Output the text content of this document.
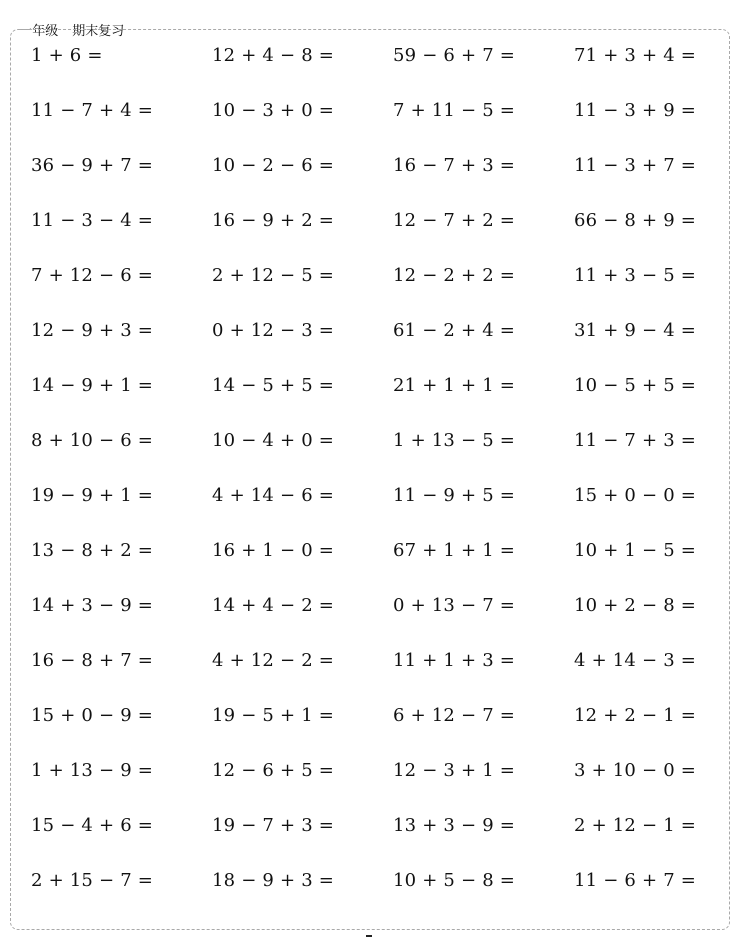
一年级 期末复习

1 + 6 =	12 + 4 − 8 =	59 − 6 + 7 =	71 + 3 + 4 =
11 − 7 + 4 =	10 − 3 + 0 =	7 + 11 − 5 =	11 − 3 + 9 =
36 − 9 + 7 =	10 − 2 − 6 =	16 − 7 + 3 =	11 − 3 + 7 =
11 − 3 − 4 =	16 − 9 + 2 =	12 − 7 + 2 =	66 − 8 + 9 =
7 + 12 − 6 =	2 + 12 − 5 =	12 − 2 + 2 =	11 + 3 − 5 =
12 − 9 + 3 =	0 + 12 − 3 =	61 − 2 + 4 =	31 + 9 − 4 =
14 − 9 + 1 =	14 − 5 + 5 =	21 + 1 + 1 =	10 − 5 + 5 =
8 + 10 − 6 =	10 − 4 + 0 =	1 + 13 − 5 =	11 − 7 + 3 =
19 − 9 + 1 =	4 + 14 − 6 =	11 − 9 + 5 =	15 + 0 − 0 =
13 − 8 + 2 =	16 + 1 − 0 =	67 + 1 + 1 =	10 + 1 − 5 =
14 + 3 − 9 =	14 + 4 − 2 =	0 + 13 − 7 =	10 + 2 − 8 =
16 − 8 + 7 =	4 + 12 − 2 =	11 + 1 + 3 =	4 + 14 − 3 =
15 + 0 − 9 =	19 − 5 + 1 =	6 + 12 − 7 =	12 + 2 − 1 =
1 + 13 − 9 =	12 − 6 + 5 =	12 − 3 + 1 =	3 + 10 − 0 =
15 − 4 + 6 =	19 − 7 + 3 =	13 + 3 − 9 =	2 + 12 − 1 =
2 + 15 − 7 =	18 − 9 + 3 =	10 + 5 − 8 =	11 − 6 + 7 =
